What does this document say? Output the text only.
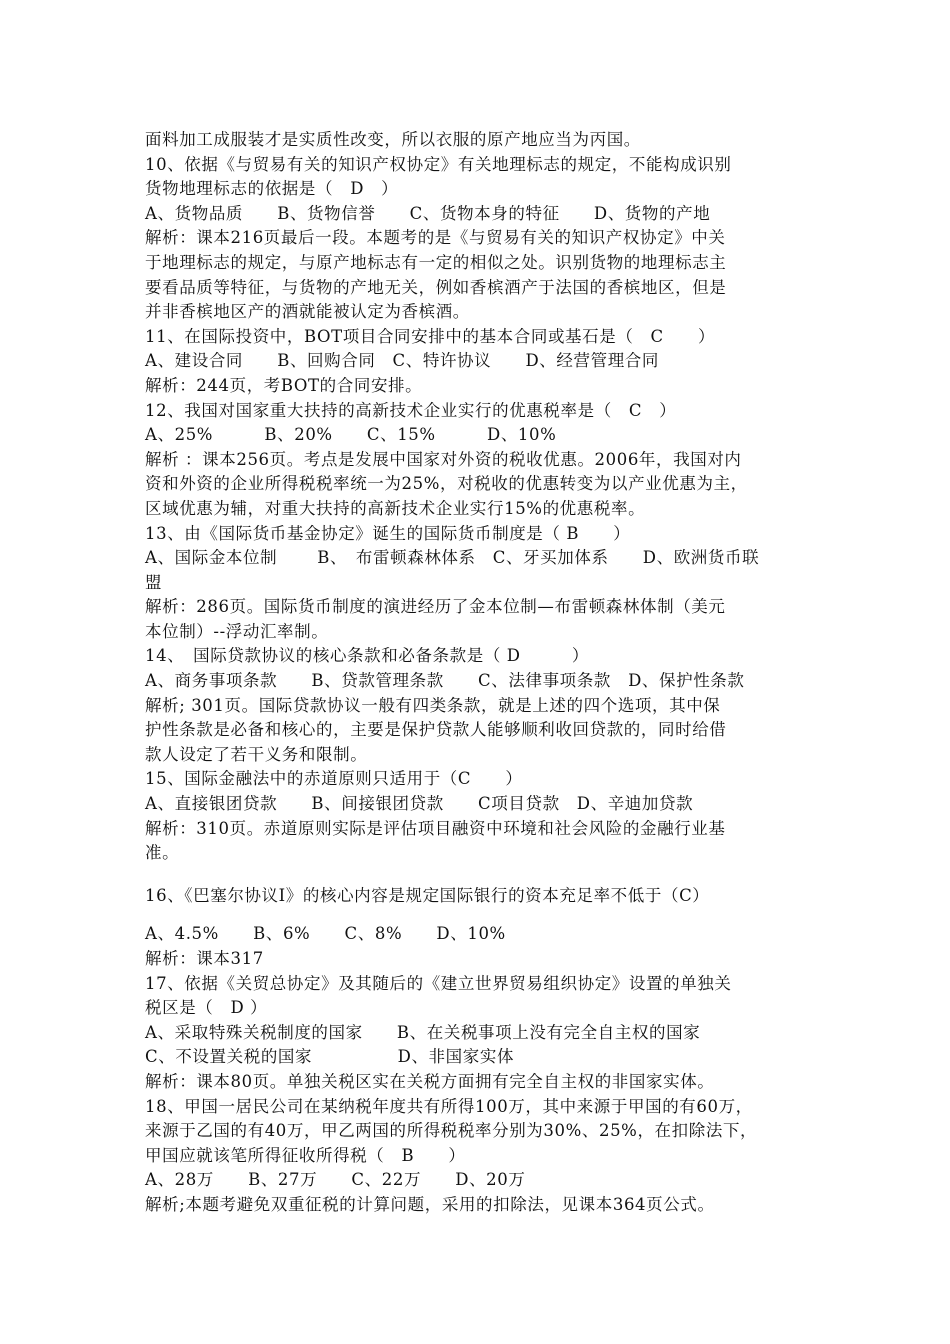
面料加工成服装才是实质性改变，所以衣服的原产地应当为丙国。
10、依据《与贸易有关的知识产权协定》有关地理标志的规定，不能构成识别
货物地理标志的依据是（　D　）
A、货物品质　　B、货物信誉　　C、货物本身的特征　　D、货物的产地
解析：课本216页最后一段。本题考的是《与贸易有关的知识产权协定》中关
于地理标志的规定，与原产地标志有一定的相似之处。识别货物的地理标志主
要看品质等特征，与货物的产地无关，例如香槟酒产于法国的香槟地区，但是
并非香槟地区产的酒就能被认定为香槟酒。
11、在国际投资中，BOT项目合同安排中的基本合同或基石是（　C　　）
A、建设合同　　B、回购合同　C、特许协议　　D、经营管理合同
解析：244页，考BOT的合同安排。
12、我国对国家重大扶持的高新技术企业实行的优惠税率是（　C　）
A、25%　　　B、20%　　C、15%　　　D、10%
解析 ：课本256页。考点是发展中国家对外资的税收优惠。2006年，我国对内
资和外资的企业所得税税率统一为25%，对税收的优惠转变为以产业优惠为主，
区域优惠为辅，对重大扶持的高新技术企业实行15%的优惠税率。
13、由《国际货币基金协定》诞生的国际货币制度是（ B　　）
A、国际金本位制　　 B、　布雷顿森林体系　C、牙买加体系　　D、欧洲货币联
盟
解析：286页。国际货币制度的演进经历了金本位制—布雷顿森林体制（美元
本位制）--浮动汇率制。
14、　国际贷款协议的核心条款和必备条款是（ D　　　）
A、商务事项条款　　B、贷款管理条款　　C、法律事项条款　D、保护性条款
解析; 301页。国际贷款协议一般有四类条款，就是上述的四个选项，其中保
护性条款是必备和核心的，主要是保护贷款人能够顺利收回贷款的，同时给借
款人设定了若干义务和限制。
15、国际金融法中的赤道原则只适用于（C　　）
A、直接银团贷款　　B、间接银团贷款　　C项目贷款　D、辛迪加贷款
解析：310页。赤道原则实际是评估项目融资中环境和社会风险的金融行业基
准。
16、《巴塞尔协议Ⅰ》的核心内容是规定国际银行的资本充足率不低于（C）
A、4.5%　　B、6%　　C、8%　　D、10%
解析：课本317
17、依据《关贸总协定》及其随后的《建立世界贸易组织协定》设置的单独关
税区是（　D ）
A、采取特殊关税制度的国家　　B、在关税事项上没有完全自主权的国家
C、不设置关税的国家　　　　　D、非国家实体
解析：课本80页。单独关税区实在关税方面拥有完全自主权的非国家实体。
18、甲国一居民公司在某纳税年度共有所得100万，其中来源于甲国的有60万，
来源于乙国的有40万，甲乙两国的所得税税率分别为30%、25%，在扣除法下，
甲国应就该笔所得征收所得税（　B　　）
A、28万　　B、27万　　C、22万　　D、20万
解析;本题考避免双重征税的计算问题，采用的扣除法，见课本364页公式。
